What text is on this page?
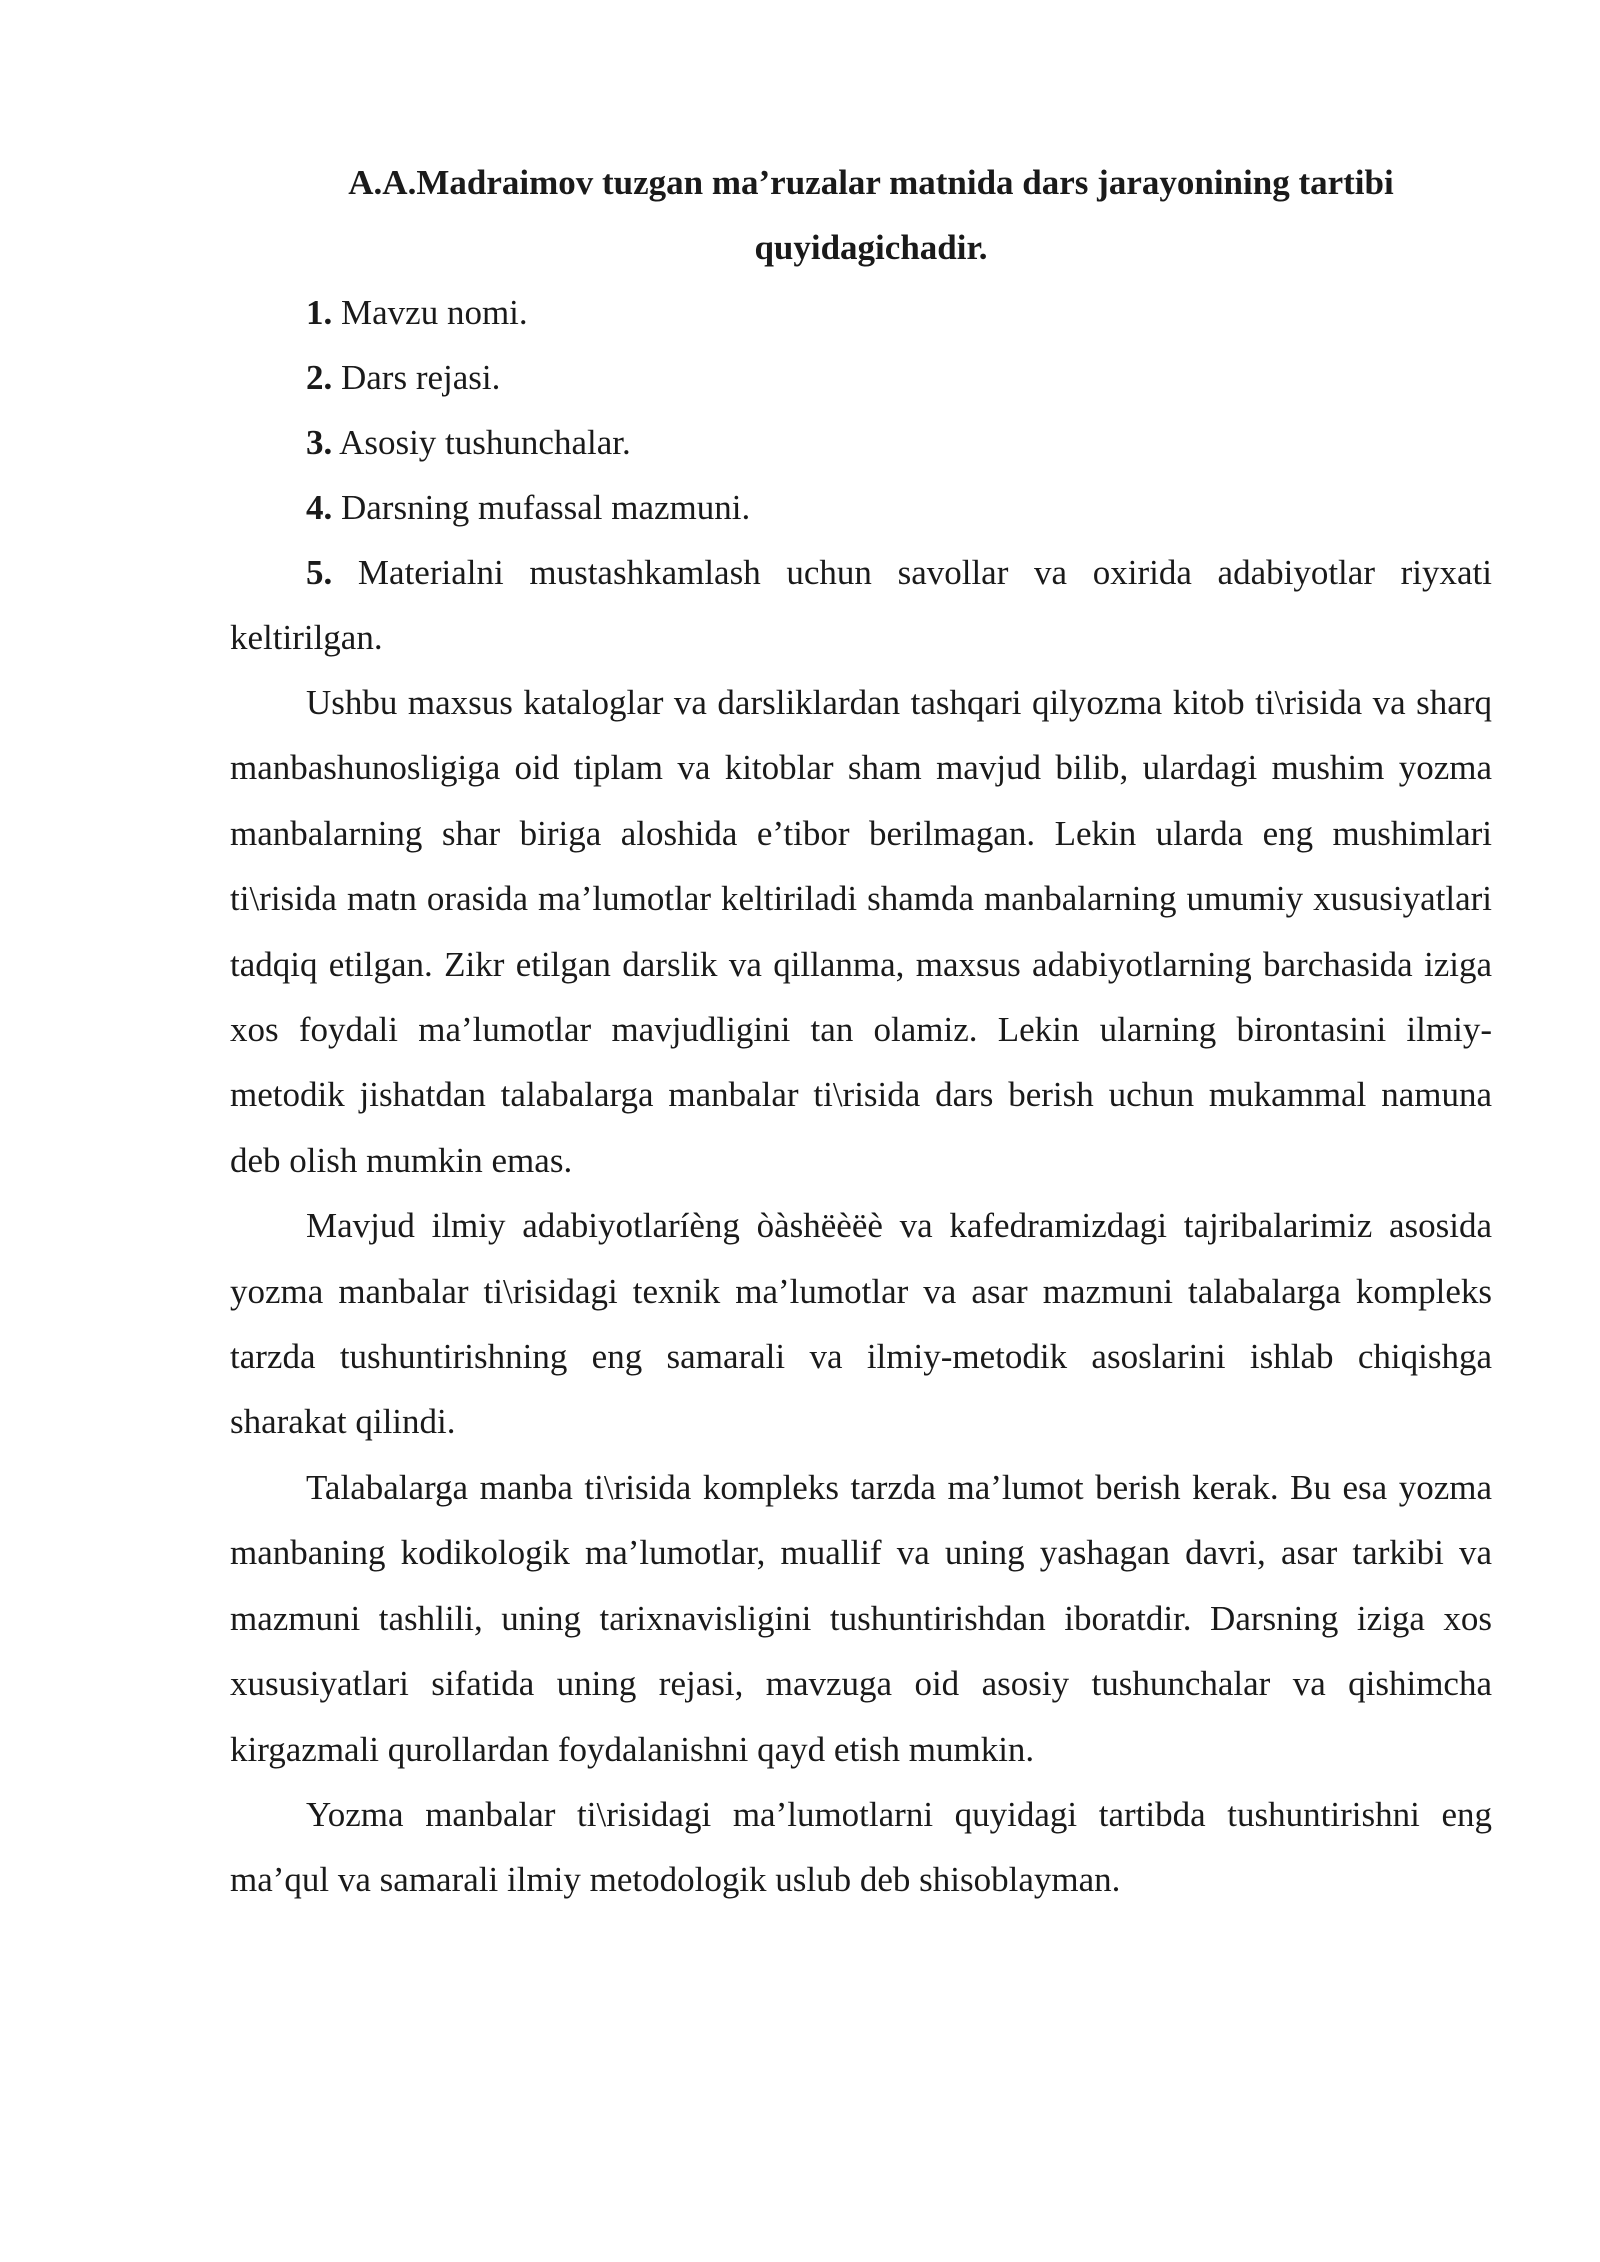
A.A.Madraimov tuzgan ma’ruzalar matnida dars jarayonining tartibi quyidagichadir.
1. Mavzu nomi.
2. Dars rejasi.
3. Asosiy tushunchalar.
4. Darsning mufassal mazmuni.
5. Materialni mustashkamlash uchun savollar va oxirida adabiyotlar riyxati keltirilgan.

Ushbu maxsus kataloglar va darsliklardan tashqari qilyozma kitob ti\risida va sharq manbashunosligiga oid tiplam va kitoblar sham mavjud bilib, ulardagi mushim yozma manbalarning shar biriga aloshida e’tibor berilmagan. Lekin ularda eng mushimlari ti\risida matn orasida ma’lumotlar keltiriladi shamda manbalarning umumiy xususiyatlari tadqiq etilgan. Zikr etilgan darslik va qillanma, maxsus adabiyotlarning barchasida iziga xos foydali ma’lumotlar mavjudligini tan olamiz. Lekin ularning birontasini ilmiy-metodik jishatdan talabalarga manbalar ti\risida dars berish uchun mukammal namuna deb olish mumkin emas.

Mavjud ilmiy adabiyotlaríèng òàshëèëè va kafedramizdagi tajribalarimiz asosida yozma manbalar ti\risidagi texnik ma’lumotlar va asar mazmuni talabalarga kompleks tarzda tushuntirishning eng samarali va ilmiy-metodik asoslarini ishlab chiqishga sharakat qilindi.

Talabalarga manba ti\risida kompleks tarzda ma’lumot berish kerak. Bu esa yozma manbaning kodikologik ma’lumotlar, muallif va uning yashagan davri, asar tarkibi va mazmuni tashlili, uning tarixnavisligini tushuntirishdan iboratdir. Darsning iziga xos xususiyatlari sifatida uning rejasi, mavzuga oid asosiy tushunchalar va qishimcha kirgazmali qurollardan foydalanishni qayd etish mumkin.

Yozma manbalar ti\risidagi ma’lumotlarni quyidagi tartibda tushuntirishni eng ma’qul va samarali ilmiy metodologik uslub deb shisoblayman.
